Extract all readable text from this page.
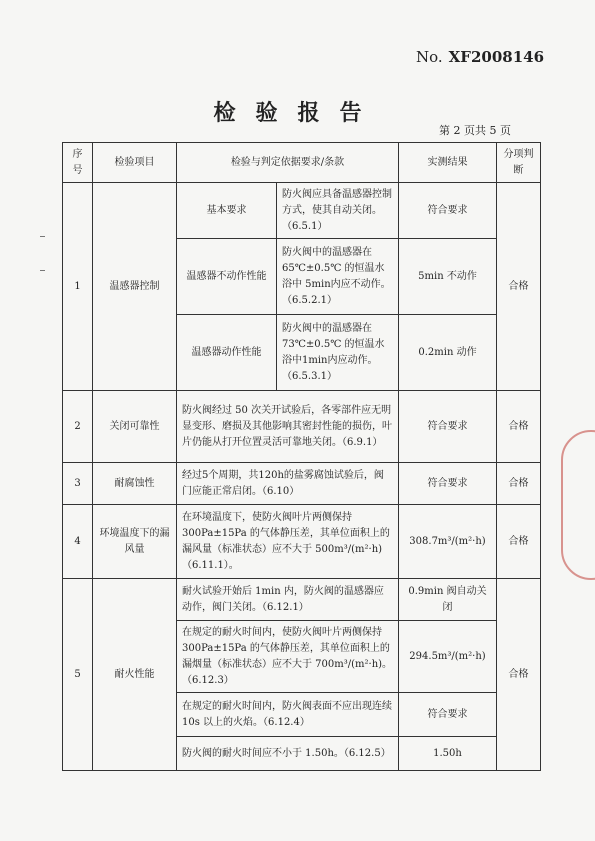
No. XF2008146
检验报告
第 2 页共 5 页
序号	检验项目	检验与判定依据要求/条款		实测结果	分项判断
1	温感器控制	基本要求	防火阀应具备温感器控制方式，使其自动关闭。（6.5.1）	符合要求	合格
		温感器不动作性能	防火阀中的温感器在 65℃±0.5℃ 的恒温水浴中 5min内应不动作。（6.5.2.1）	5min 不动作	
		温感器动作性能	防火阀中的温感器在 73℃±0.5℃ 的恒温水浴中1min内应动作。（6.5.3.1）	0.2min 动作	
2	关闭可靠性	防火阀经过 50 次关开试验后，各零部件应无明显变形、磨损及其他影响其密封性能的损伤，叶片仍能从打开位置灵活可靠地关闭。（6.9.1）		符合要求	合格
3	耐腐蚀性	经过5个周期，共120h的盐雾腐蚀试验后，阀门应能正常启闭。（6.10）		符合要求	合格
4	环境温度下的漏风量	在环境温度下，使防火阀叶片两侧保持300Pa±15Pa 的气体静压差，其单位面积上的漏风量（标准状态）应不大于 500m³/(m²·h)（6.11.1）。		308.7m³/(m²·h)	合格
5	耐火性能	耐火试验开始后 1min 内，防火阀的温感器应动作，阀门关闭。（6.12.1）		0.9min 阀自动关闭	合格
		在规定的耐火时间内，使防火阀叶片两侧保持 300Pa±15Pa 的气体静压差，其单位面积上的漏烟量（标准状态）应不大于 700m³/(m²·h)。（6.12.3）		294.5m³/(m²·h)	
		在规定的耐火时间内，防火阀表面不应出现连续 10s 以上的火焰。（6.12.4）		符合要求	
		防火阀的耐火时间应不小于 1.50h。（6.12.5）		1.50h	
